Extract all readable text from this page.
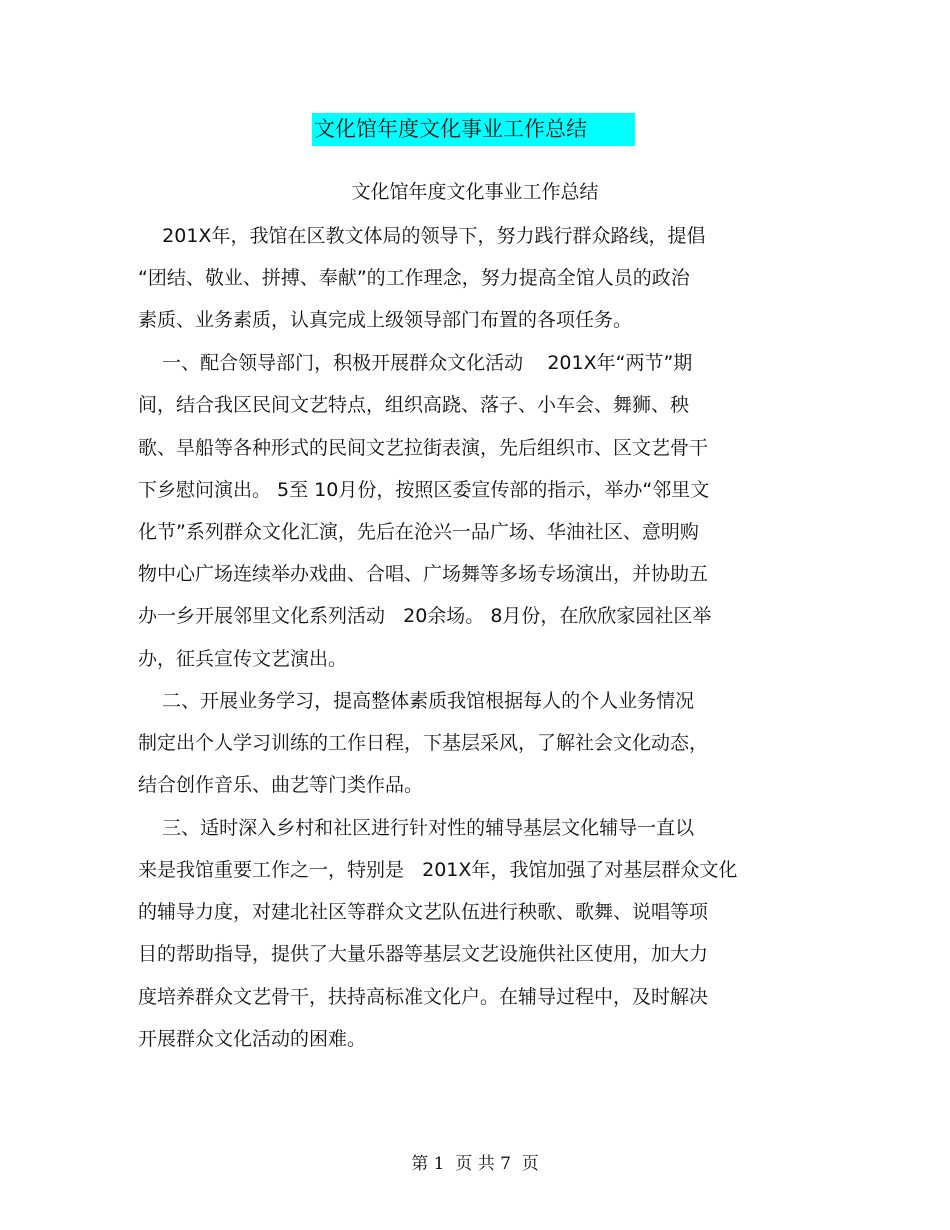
文化馆年度文化事业工作总结
文化馆年度文化事业工作总结
201X年，我馆在区教文体局的领导下，努力践行群众路线，提倡
“团结、敬业、拼搏、奉献”的工作理念，努力提高全馆人员的政治
素质、业务素质，认真完成上级领导部门布置的各项任务。
一、配合领导部门，积极开展群众文化活动    201X年“两节”期
间，结合我区民间文艺特点，组织高跷、落子、小车会、舞狮、秧
歌、旱船等各种形式的民间文艺拉街表演，先后组织市、区文艺骨干
下乡慰问演出。 5至 10月份，按照区委宣传部的指示，举办“邻里文
化节”系列群众文化汇演，先后在沧兴一品广场、华油社区、意明购
物中心广场连续举办戏曲、合唱、广场舞等多场专场演出，并协助五
办一乡开展邻里文化系列活动   20余场。 8月份，在欣欣家园社区举
办，征兵宣传文艺演出。
二、开展业务学习，提高整体素质我馆根据每人的个人业务情况
制定出个人学习训练的工作日程，下基层采风，了解社会文化动态，
结合创作音乐、曲艺等门类作品。
三、适时深入乡村和社区进行针对性的辅导基层文化辅导一直以
来是我馆重要工作之一，特别是   201X年，我馆加强了对基层群众文化
的辅导力度，对建北社区等群众文艺队伍进行秧歌、歌舞、说唱等项
目的帮助指导，提供了大量乐器等基层文艺设施供社区使用，加大力
度培养群众文艺骨干，扶持高标准文化户。在辅导过程中，及时解决
开展群众文化活动的困难。
第 1  页 共 7  页
